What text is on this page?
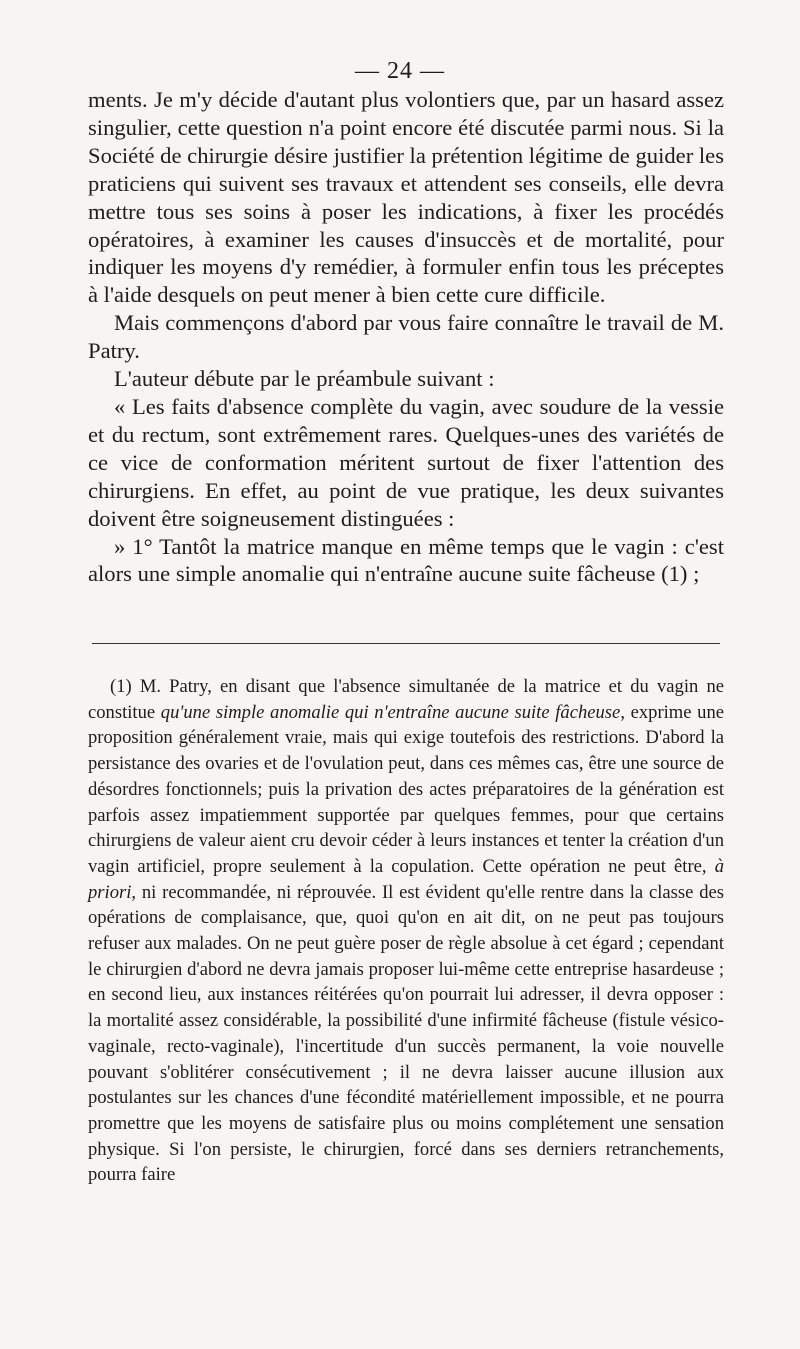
— 24 —

ments. Je m'y décide d'autant plus volontiers que, par un hasard assez singulier, cette question n'a point encore été discutée parmi nous. Si la Société de chirurgie désire justifier la prétention légitime de guider les praticiens qui suivent ses travaux et attendent ses conseils, elle devra mettre tous ses soins à poser les indications, à fixer les procédés opératoires, à examiner les causes d'insuccès et de mortalité, pour indiquer les moyens d'y remédier, à formuler enfin tous les préceptes à l'aide desquels on peut mener à bien cette cure difficile.

Mais commençons d'abord par vous faire connaître le travail de M. Patry.

L'auteur débute par le préambule suivant :

« Les faits d'absence complète du vagin, avec soudure de la vessie et du rectum, sont extrêmement rares. Quelques-unes des variétés de ce vice de conformation méritent surtout de fixer l'attention des chirurgiens. En effet, au point de vue pratique, les deux suivantes doivent être soigneusement distinguées :

» 1° Tantôt la matrice manque en même temps que le vagin : c'est alors une simple anomalie qui n'entraîne aucune suite fâcheuse (1) ;

(1) M. Patry, en disant que l'absence simultanée de la matrice et du vagin ne constitue qu'une simple anomalie qui n'entraîne aucune suite fâcheuse, exprime une proposition généralement vraie, mais qui exige toutefois des restrictions. D'abord la persistance des ovaries et de l'ovulation peut, dans ces mêmes cas, être une source de désordres fonctionnels; puis la privation des actes préparatoires de la génération est parfois assez impatiemment supportée par quelques femmes, pour que certains chirurgiens de valeur aient cru devoir céder à leurs instances et tenter la création d'un vagin artificiel, propre seulement à la copulation. Cette opération ne peut être, à priori, ni recommandée, ni réprouvée. Il est évident qu'elle rentre dans la classe des opérations de complaisance, que, quoi qu'on en ait dit, on ne peut pas toujours refuser aux malades. On ne peut guère poser de règle absolue à cet égard ; cependant le chirurgien d'abord ne devra jamais proposer lui-même cette entreprise hasardeuse ; en second lieu, aux instances réitérées qu'on pourrait lui adresser, il devra opposer : la mortalité assez considérable, la possibilité d'une infirmité fâcheuse (fistule vésico-vaginale, recto-vaginale), l'incertitude d'un succès permanent, la voie nouvelle pouvant s'oblitérer consécutivement ; il ne devra laisser aucune illusion aux postulantes sur les chances d'une fécondité matériellement impossible, et ne pourra promettre que les moyens de satisfaire plus ou moins complétement une sensation physique. Si l'on persiste, le chirurgien, forcé dans ses derniers retranchements, pourra faire
